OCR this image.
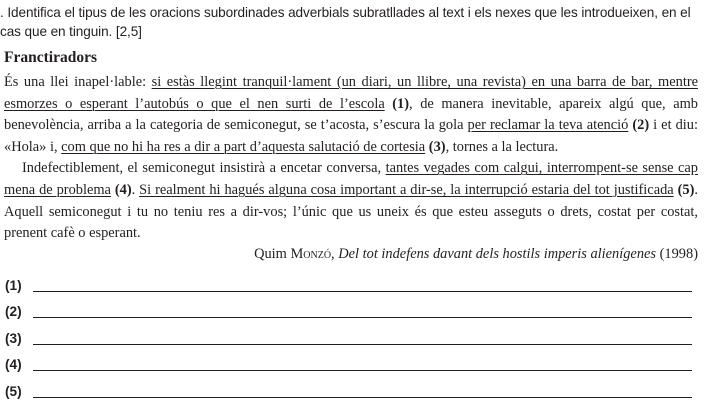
. Identifica el tipus de les oracions subordinades adverbials subratllades al text i els nexes que les introdueixen, en el cas que en tinguin. [2,5]
Franctiradors

És una llei inapel·lable: si estàs llegint tranquil·lament (un diari, un llibre, una revista) en una barra de bar, mentre esmorzes o esperant l’autobús o que el nen surti de l’escola (1), de manera inevitable, apareix algú que, amb benevolència, arriba a la categoria de semiconegut, se t’acosta, s’escura la gola per reclamar la teva atenció (2) i et diu: «Hola» i, com que no hi ha res a dir a part d’aquesta salutació de cortesia (3), tornes a la lectura.

Indefectiblement, el semiconegut insistirà a encetar conversa, tantes vegades com calgui, interrompent-se sense cap mena de problema (4). Si realment hi hagués alguna cosa important a dir-se, la interrupció estaria del tot justificada (5). Aquell semiconegut i tu no teniu res a dir-vos; l’únic que us uneix és que esteu asseguts o drets, costat per costat, prenent cafè o esperant.

Quim Monzó, Del tot indefens davant dels hostils imperis alienígenes (1998)
(1)
(2)
(3)
(4)
(5)
